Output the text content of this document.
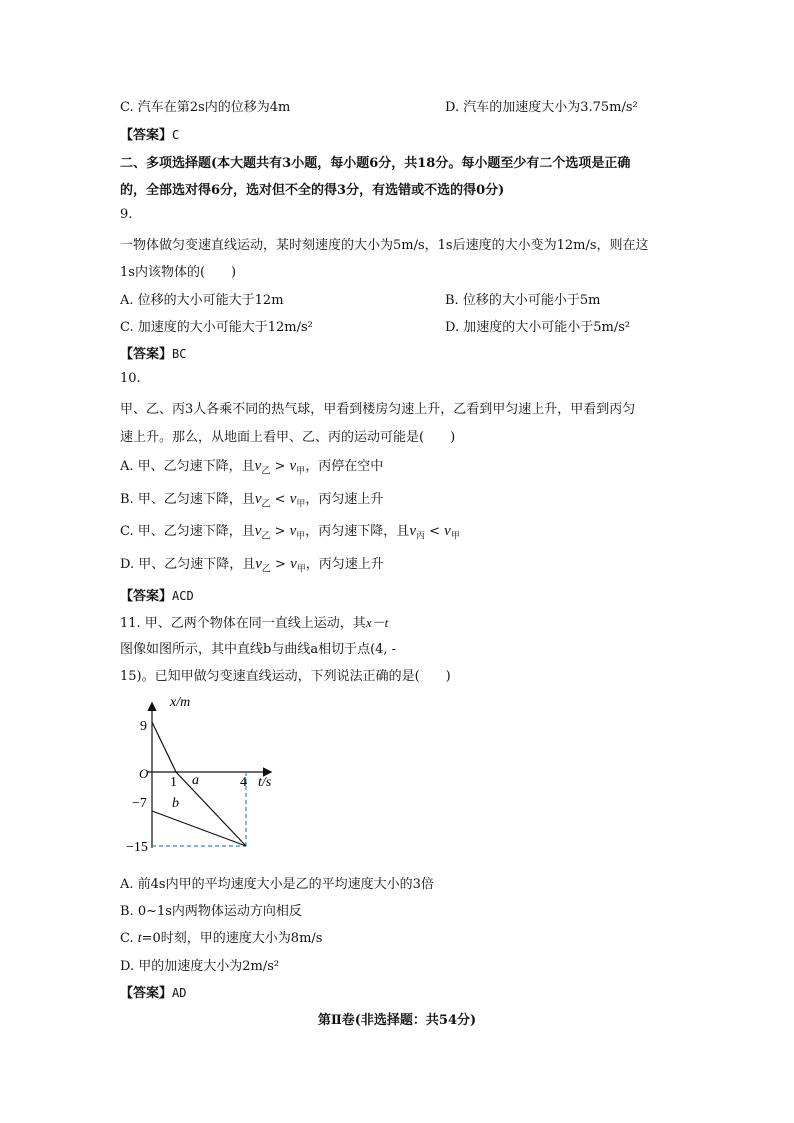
C. 汽车在第2s内的位移为4m	D. 汽车的加速度大小为3.75m/s²
【答案】C
二、多项选择题(本大题共有3小题，每小题6分，共18分。每小题至少有二个选项是正确
的，全部选对得6分，选对但不全的得3分，有选错或不选的得0分)
9.
一物体做匀变速直线运动，某时刻速度的大小为5m/s，1s后速度的大小变为12m/s，则在这
1s内该物体的(　　)
A. 位移的大小可能大于12m	B. 位移的大小可能小于5m
C. 加速度的大小可能大于12m/s²	D. 加速度的大小可能小于5m/s²
【答案】BC
10.
甲、乙、丙3人各乘不同的热气球，甲看到楼房匀速上升，乙看到甲匀速上升，甲看到丙匀
速上升。那么，从地面上看甲、乙、丙的运动可能是(　　)
A. 甲、乙匀速下降，且$v_乙 > v_甲$，丙停在空中
B. 甲、乙匀速下降，且$v_乙 < v_甲$，丙匀速上升
C. 甲、乙匀速下降，且$v_乙 > v_甲$，丙匀速下降，且$v_丙 < v_甲$
D. 甲、乙匀速下降，且$v_乙 > v_甲$，丙匀速上升
【答案】ACD
11. 甲、乙两个物体在同一直线上运动，其x－t
图像如图所示，其中直线b与曲线a相切于点(4, -
15)。已知甲做匀变速直线运动，下列说法正确的是(　　)
x/m
t/s
O
9
−7
−15
1	4
a
b
A. 前4s内甲的平均速度大小是乙的平均速度大小的3倍
B. 0~1s内两物体运动方向相反
C. t=0时刻，甲的速度大小为8m/s
D. 甲的加速度大小为2m/s²
【答案】AD
第Ⅱ卷(非选择题：共54分)
